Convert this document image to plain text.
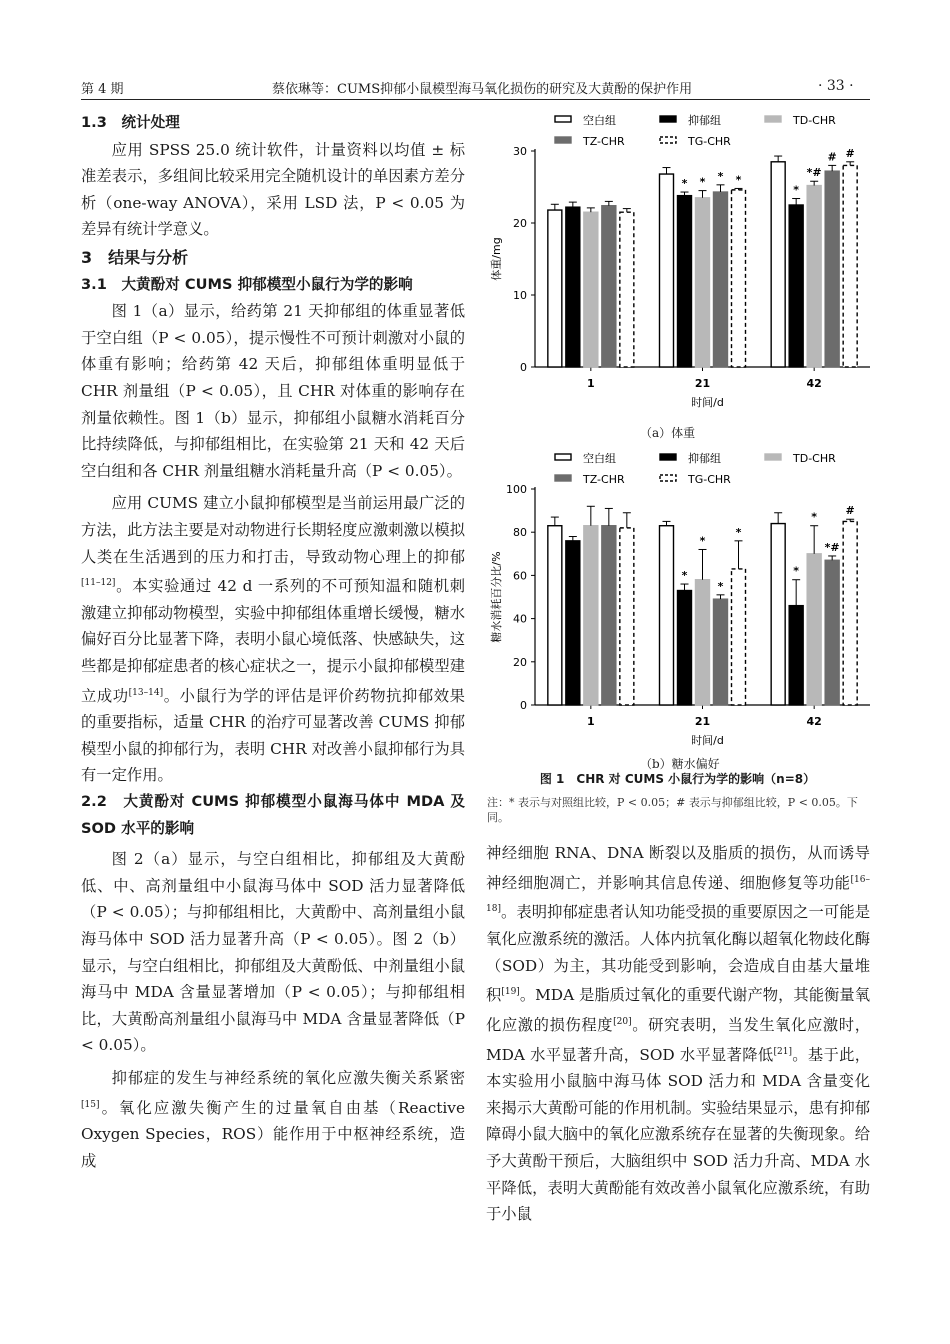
第 4 期	蔡依琳等：CUMS抑郁小鼠模型海马氧化损伤的研究及大黄酚的保护作用	· 33 ·

1.3　统计处理

应用 SPSS 25.0 统计软件，计量资料以均值 ± 标准差表示，多组间比较采用完全随机设计的单因素方差分析（one-way ANOVA），采用 LSD 法，P < 0.05 为差异有统计学意义。

3　结果与分析

3.1　大黄酚对 CUMS 抑郁模型小鼠行为学的影响

图 1（a）显示，给药第 21 天抑郁组的体重显著低于空白组（P < 0.05），提示慢性不可预计刺激对小鼠的体重有影响；给药第 42 天后，抑郁组体重明显低于 CHR 剂量组（P < 0.05），且 CHR 对体重的影响存在剂量依赖性。图 1（b）显示，抑郁组小鼠糖水消耗百分比持续降低，与抑郁组相比，在实验第 21 天和 42 天后空白组和各 CHR 剂量组糖水消耗量升高（P < 0.05）。

应用 CUMS 建立小鼠抑郁模型是当前运用最广泛的方法，此方法主要是对动物进行长期轻度应激刺激以模拟人类在生活遇到的压力和打击，导致动物心理上的抑郁[11–12]。本实验通过 42 d 一系列的不可预知温和随机刺激建立抑郁动物模型，实验中抑郁组体重增长缓慢，糖水偏好百分比显著下降，表明小鼠心境低落、快感缺失，这些都是抑郁症患者的核心症状之一，提示小鼠抑郁模型建立成功[13–14]。小鼠行为学的评估是评价药物抗抑郁效果的重要指标，适量 CHR 的治疗可显著改善 CUMS 抑郁模型小鼠的抑郁行为，表明 CHR 对改善小鼠抑郁行为具有一定作用。

2.2　大黄酚对 CUMS 抑郁模型小鼠海马体中 MDA 及 SOD 水平的影响

图 2（a）显示，与空白组相比，抑郁组及大黄酚低、中、高剂量组中小鼠海马体中 SOD 活力显著降低（P < 0.05）；与抑郁组相比，大黄酚中、高剂量组小鼠海马体中 SOD 活力显著升高（P < 0.05）。图 2（b）显示，与空白组相比，抑郁组及大黄酚低、中剂量组小鼠海马中 MDA 含量显著增加（P < 0.05）；与抑郁组相比，大黄酚高剂量组小鼠海马中 MDA 含量显著降低（P < 0.05）。

抑郁症的发生与神经系统的氧化应激失衡关系紧密[15]。氧化应激失衡产生的过量氧自由基（Reactive Oxygen Species，ROS）能作用于中枢神经系统，造成

空白组	抑郁组	TD-CHR
TZ-CHR	TG-CHR
0
10
20
30
体重/mg
时间/d
1	21
* * * *
42
*
*#
# #
（a）体重
空白组	抑郁组	TD-CHR
TZ-CHR	TG-CHR
0
20
40
60
80
100
糖水消耗百分比/%
时间/d
1	21
*
*
*
*
42
*
*
*#
#
（b）糖水偏好
图 1　CHR 对 CUMS 小鼠行为学的影响（n=8）
注：* 表示与对照组比较，P < 0.05；# 表示与抑郁组比较，P < 0.05。下同。

神经细胞 RNA、DNA 断裂以及脂质的损伤，从而诱导神经细胞凋亡，并影响其信息传递、细胞修复等功能[16–18]。表明抑郁症患者认知功能受损的重要原因之一可能是氧化应激系统的激活。人体内抗氧化酶以超氧化物歧化酶（SOD）为主，其功能受到影响，会造成自由基大量堆积[19]。MDA 是脂质过氧化的重要代谢产物，其能衡量氧化应激的损伤程度[20]。研究表明，当发生氧化应激时，MDA 水平显著升高，SOD 水平显著降低[21]。基于此，本实验用小鼠脑中海马体 SOD 活力和 MDA 含量变化来揭示大黄酚可能的作用机制。实验结果显示，患有抑郁障碍小鼠大脑中的氧化应激系统存在显著的失衡现象。给予大黄酚干预后，大脑组织中 SOD 活力升高、MDA 水平降低，表明大黄酚能有效改善小鼠氧化应激系统，有助于小鼠
